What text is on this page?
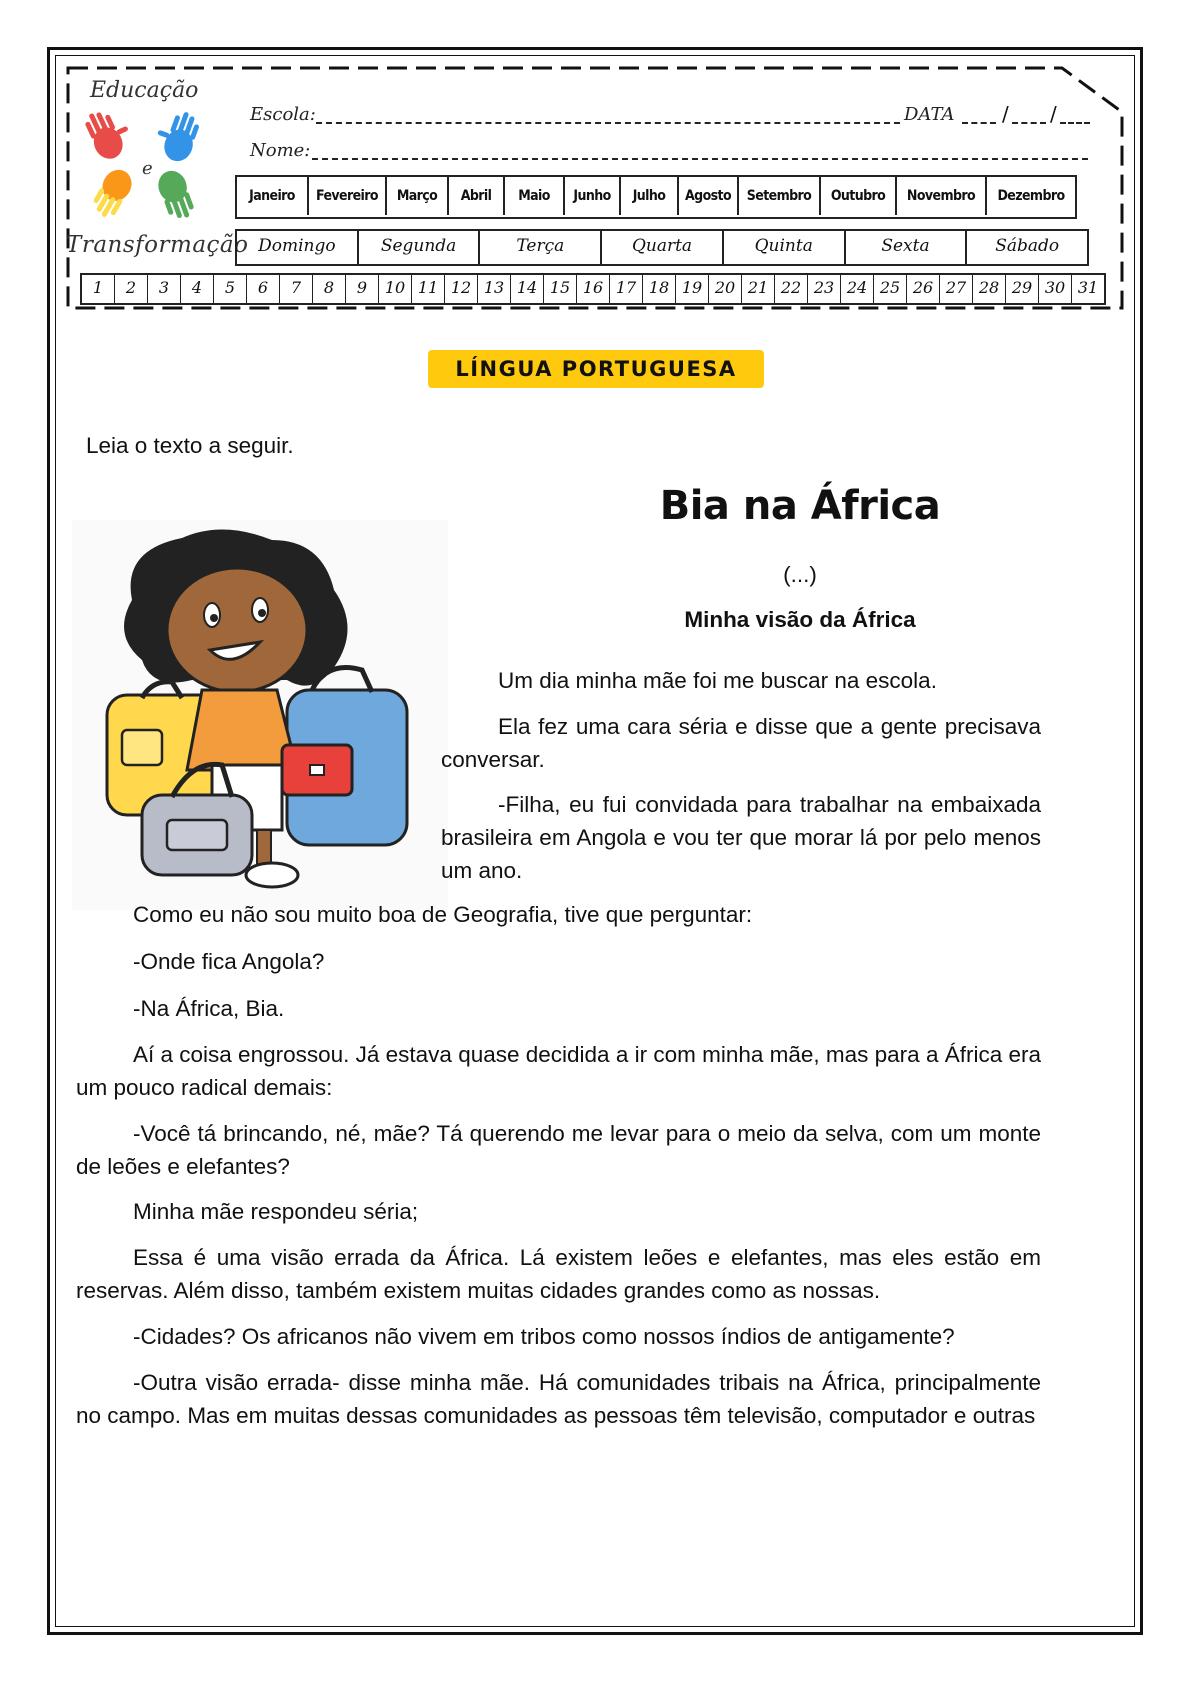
Educação
e
Transformação
Escola:	DATA / /
Nome:
Janeiro	Fevereiro	Março	Abril	Maio	Junho	Julho	Agosto	Setembro	Outubro	Novembro	Dezembro
Domingo	Segunda	Terça	Quarta	Quinta	Sexta	Sábado
1	2	3	4	5	6	7	8	9	10 11 12 13 14 15 16 17 18 19 20 21 22 23 24 25 26 27 28 29 30 31
LÍNGUA PORTUGUESA
Leia o texto a seguir.
Bia na África
(...)
Minha visão da África
Um dia minha mãe foi me buscar na escola.
Ela fez uma cara séria e disse que a gente precisava conversar.
-Filha, eu fui convidada para trabalhar na embaixada brasileira em Angola e vou ter que morar lá por pelo menos um ano.
Como eu não sou muito boa de Geografia, tive que perguntar:
-Onde fica Angola?
-Na África, Bia.
Aí a coisa engrossou. Já estava quase decidida a ir com minha mãe, mas para a África era um pouco radical demais:
-Você tá brincando, né, mãe? Tá querendo me levar para o meio da selva, com um monte de leões e elefantes?
Minha mãe respondeu séria;
Essa é uma visão errada da África. Lá existem leões e elefantes, mas eles estão em reservas. Além disso, também existem muitas cidades grandes como as nossas.
-Cidades? Os africanos não vivem em tribos como nossos índios de antigamente?
-Outra visão errada- disse minha mãe. Há comunidades tribais na África, principalmente no campo. Mas em muitas dessas comunidades as pessoas têm televisão, computador e outras
